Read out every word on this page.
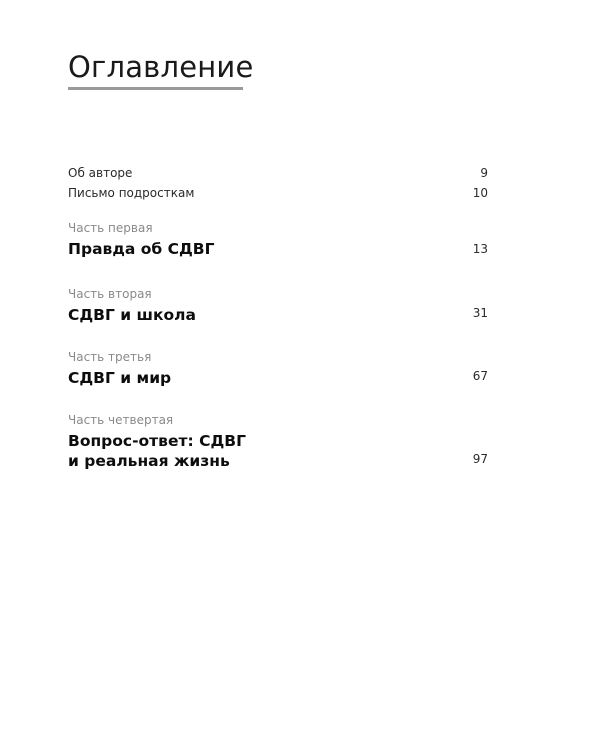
Оглавление
Об авторе	9
Письмо подросткам	10
Часть первая
Правда об СДВГ	13
Часть вторая
СДВГ и школа	31
Часть третья
СДВГ и мир	67
Часть четвертая
Вопрос-ответ: СДВГ
и реальная жизнь	97
